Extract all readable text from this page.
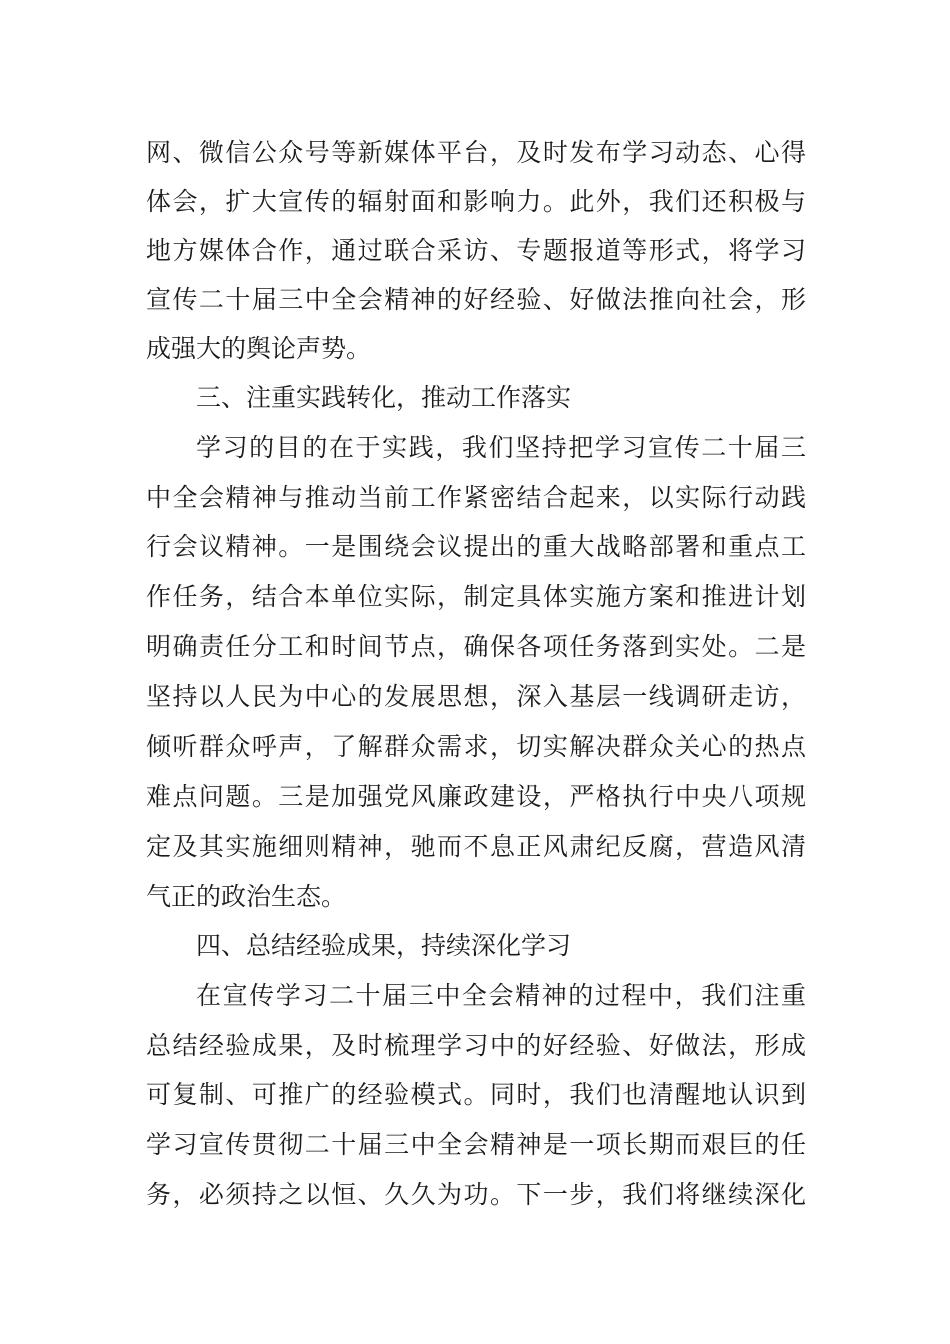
网、微信公众号等新媒体平台，及时发布学习动态、心得
体会，扩大宣传的辐射面和影响力。此外，我们还积极与
地方媒体合作，通过联合采访、专题报道等形式，将学习
宣传二十届三中全会精神的好经验、好做法推向社会，形
成强大的舆论声势。
三、注重实践转化，推动工作落实
学习的目的在于实践，我们坚持把学习宣传二十届三
中全会精神与推动当前工作紧密结合起来，以实际行动践
行会议精神。一是围绕会议提出的重大战略部署和重点工
作任务，结合本单位实际，制定具体实施方案和推进计划
明确责任分工和时间节点，确保各项任务落到实处。二是
坚持以人民为中心的发展思想，深入基层一线调研走访，
倾听群众呼声，了解群众需求，切实解决群众关心的热点
难点问题。三是加强党风廉政建设，严格执行中央八项规
定及其实施细则精神，驰而不息正风肃纪反腐，营造风清
气正的政治生态。
四、总结经验成果，持续深化学习
在宣传学习二十届三中全会精神的过程中，我们注重
总结经验成果，及时梳理学习中的好经验、好做法，形成
可复制、可推广的经验模式。同时，我们也清醒地认识到
学习宣传贯彻二十届三中全会精神是一项长期而艰巨的任
务，必须持之以恒、久久为功。下一步，我们将继续深化
